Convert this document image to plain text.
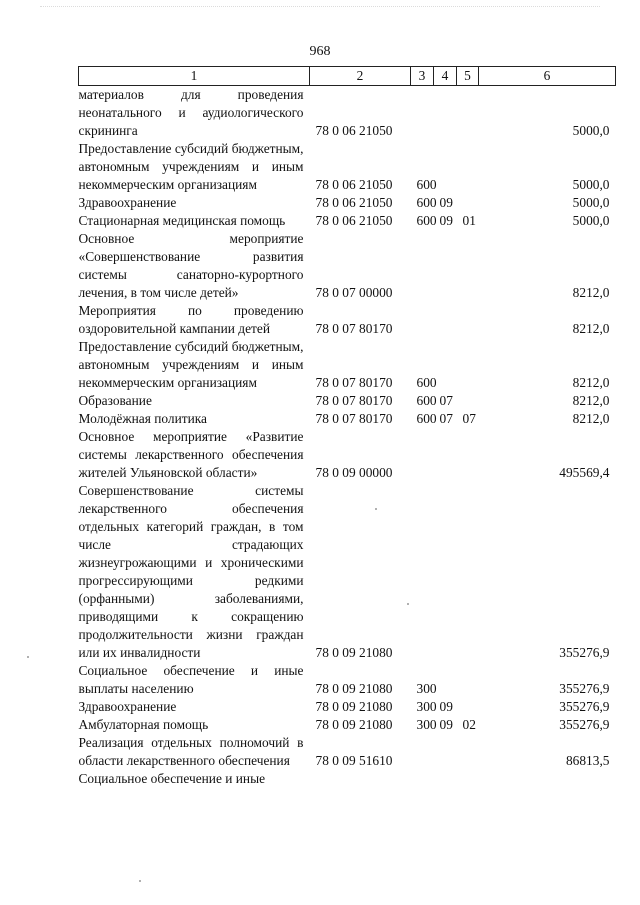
968
1	2	3	4	5	6
материалов для проведения неонатального и аудиологического скрининга	78 0 06 21050				5000,0
Предоставление субсидий бюджетным, автономным учреждениям и иным некоммерческим организациям	78 0 06 21050	600			5000,0
Здравоохранение	78 0 06 21050	600	09		5000,0
Стационарная медицинская помощь	78 0 06 21050	600	09	01	5000,0
Основное мероприятие «Совершенствование развития системы санаторно-курортного лечения, в том числе детей»	78 0 07 00000				8212,0
Мероприятия по проведению оздоровительной кампании детей	78 0 07 80170				8212,0
Предоставление субсидий бюджетным, автономным учреждениям и иным некоммерческим организациям	78 0 07 80170	600			8212,0
Образование	78 0 07 80170	600	07		8212,0
Молодёжная политика	78 0 07 80170	600	07	07	8212,0
Основное мероприятие «Развитие системы лекарственного обеспечения жителей Ульяновской области»	78 0 09 00000				495569,4
Совершенствование системы лекарственного обеспечения отдельных категорий граждан, в том числе страдающих жизнеугрожающими и хроническими прогрессирующими редкими (орфанными) заболеваниями, приводящими к сокращению продолжительности жизни граждан или их инвалидности	78 0 09 21080				355276,9
Социальное обеспечение и иные выплаты населению	78 0 09 21080	300			355276,9
Здравоохранение	78 0 09 21080	300	09		355276,9
Амбулаторная помощь	78 0 09 21080	300	09	02	355276,9
Реализация отдельных полномочий в области лекарственного обеспечения	78 0 09 51610				86813,5
Социальное обеспечение и иные					
